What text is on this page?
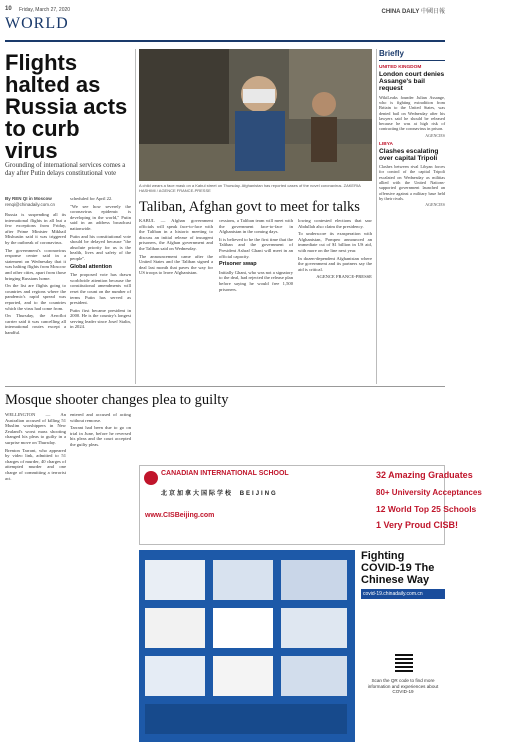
10 Friday, March 27, 2020	CHINA DAILY 中國日報
WORLD
Flights halted as Russia acts to curb virus
Grounding of international services comes a day after Putin delays constitutional vote
By REN QI in Moscow
renqi@chinadaily.com.cn

Russia is suspending all its international flights in all but a few exceptions from Friday, after Prime Minister Mikhail Mishustin said it was triggered by the outbreak of coronavirus.

The government's coronavirus response centre said in a statement on Wednesday that it was halting flights from Moscow and other cities, apart from those bringing Russians home.

On the list are flights going to countries and regions where the pandemic's rapid spread was reported, and to the countries which the virus had come from.

On Thursday, the Aeroflot carrier said it was cancelling all international routes except a handful.

scheduled for April 22.

"We see how severely the coronavirus epidemic is developing in the world," Putin said in an address broadcast nationwide.

Putin and his constitutional vote should be delayed because "the absolute priority for us is the health, lives and safety of the people".

Global attention

The proposed vote has drawn worldwide attention because the constitutional amendments will reset the count on the number of terms Putin has served as president.

Putin first became president in 2000. He is the country's longest serving leader since Josef Stalin, in 2024.

A child wears a face mask on a Kabul street on Thursday. Afghanistan has reported cases of the novel coronavirus. ZAKERIA HASHIMI / AGENCE FRANCE-PRESSE
Taliban, Afghan govt to meet for talks

KABUL — Afghan government officials will speak face-to-face with the Taliban in a historic meeting to discuss an initial release of insurgent prisoners, the Afghan government and the Taliban said on Wednesday.

The announcement came after the United States and the Taliban signed a deal last month that paves the way for US troops to leave Afghanistan.

cessions, a Taliban team will meet with the government face-to-face in Afghanistan in the coming days.

It is believed to be the first time that the Taliban and the government of President Ashraf Ghani will meet in an official capacity.

Prisoner swap

Initially Ghani, who was not a signatory to the deal, had rejected the release plan before saying he would free 1,500 prisoners.

lowing contested elections that saw Abdullah also claim the presidency.

To underscore its exasperation with Afghanistan, Pompeo announced an immediate cut of $1 billion in US aid, with more on the line next year.

In dozen-dependent Afghanistan where the government and its partners say the aid is critical.

AGENCE FRANCE-PRESSE

Briefly
UNITED KINGDOM
London court denies Assange's bail request
WikiLeaks founder Julian Assange, who is fighting extradition from Britain to the United States, was denied bail on Wednesday after his lawyers said he should be released because he was at high risk of contracting the coronavirus in prison.
AGENCIES
LIBYA
Clashes escalating over capital Tripoli
Clashes between rival Libyan forces for control of the capital Tripoli escalated on Wednesday as militias allied with the United Nations-supported government launched an offensive against a military base held by their rivals.
AGENCIES
Mosque shooter changes plea to guilty

WELLINGTON — An Australian accused of killing 51 Muslim worshippers in New Zealand's worst mass shooting changed his pleas to guilty in a surprise move on Thursday.

Brenton Tarrant, who appeared by video link, admitted to 51 charges of murder, 40 charges of attempted murder and one charge of committing a terrorist act.

entered and accused of acting without remorse.

Tarrant had been due to go on trial in June, before he reversed his pleas and the court accepted the guilty pleas.

CANADIAN INTERNATIONAL SCHOOL
北京加拿大国际学校 BEIJING
www.CISBeijing.com
32 Amazing Graduates
80+ University Acceptances
12 World Top 25 Schools
1 Very Proud CISB!
Fighting COVID-19 The Chinese Way
covid-19.chinadaily.com.cn
Scan the QR code to find more information and experiences about COVID-19
